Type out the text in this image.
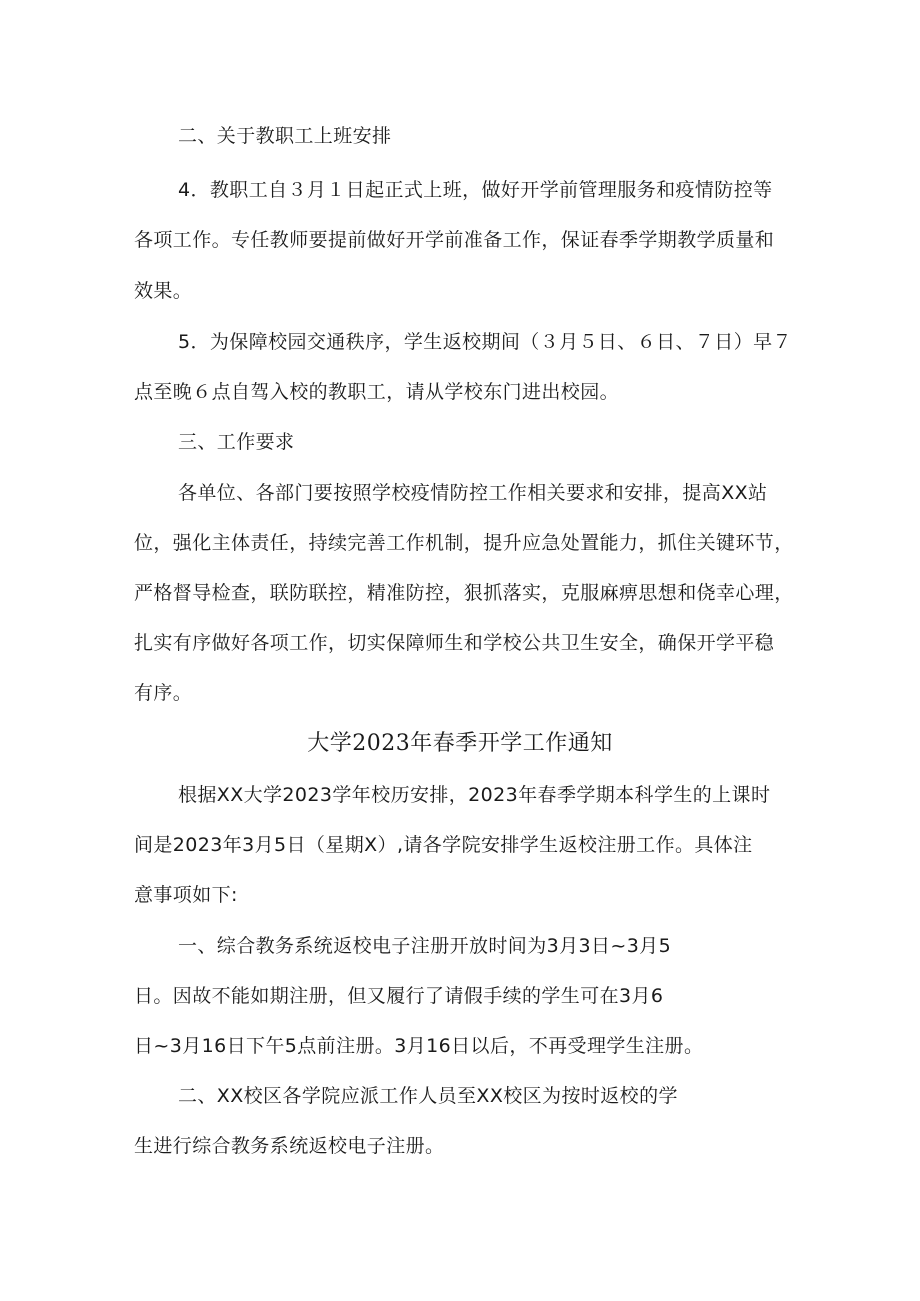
二、关于教职工上班安排
4．教职工自３月１日起正式上班，做好开学前管理服务和疫情防控等
各项工作。专任教师要提前做好开学前准备工作，保证春季学期教学质量和
效果。
5．为保障校园交通秩序，学生返校期间（３月５日、６日、７日）早７
点至晚６点自驾入校的教职工，请从学校东门进出校园。
三、工作要求
各单位、各部门要按照学校疫情防控工作相关要求和安排，提高XX站
位，强化主体责任，持续完善工作机制，提升应急处置能力，抓住关键环节，
严格督导检查，联防联控，精准防控，狠抓落实，克服麻痹思想和侥幸心理，
扎实有序做好各项工作，切实保障师生和学校公共卫生安全，确保开学平稳
有序。
大学2023年春季开学工作通知
根据XX大学2023学年校历安排，2023年春季学期本科学生的上课时
间是2023年3月5日（星期X）,请各学院安排学生返校注册工作。具体注
意事项如下:
一、综合教务系统返校电子注册开放时间为3月3日~3月5
日。因故不能如期注册，但又履行了请假手续的学生可在3月6
日~3月16日下午5点前注册。3月16日以后，不再受理学生注册。
二、XX校区各学院应派工作人员至XX校区为按时返校的学
生进行综合教务系统返校电子注册。
